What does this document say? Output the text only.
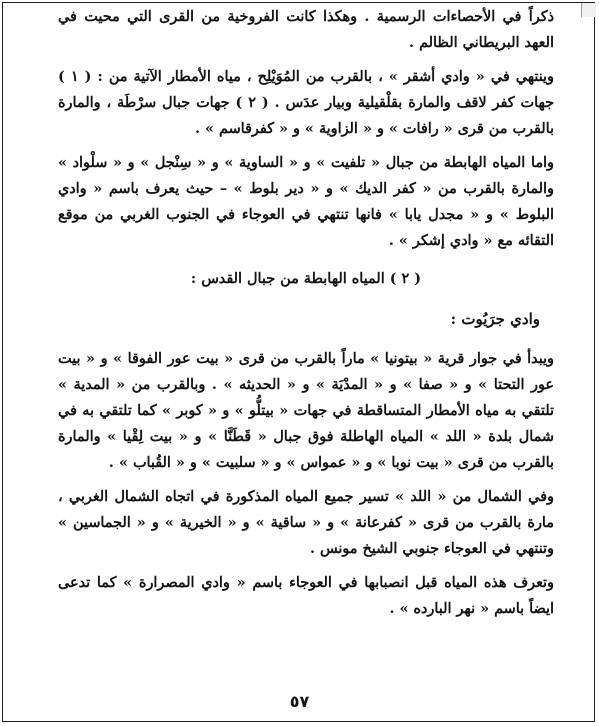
ذكراً في الأحصاءات الرسمية . وهكذا كانت الفروخية من القرى التي محيت في العهد البريطاني الظالم .

وينتهي في « وادي أشقر » ، بالقرب من المُوَيْلِح ، مياه الأمطار الآتية من : ( ١ ) جهات كفر لاقف والمارة بقلْقيلية وبيار عدَس . ( ٢ ) جهات جبال سرْطَة ، والمارة بالقرب من قرى « رافات » و « الزاوية » و « كفرقاسم » .

واما المياه الهابطة من جبال « تلفيت » و « الساوية » و « سِنْجل » و « سلْواد » والمارة بالقرب من « كفر الديك » و « دير بلوط » – حيث يعرف باسم « وادي البلوط » و « مجدل يابا » فانها تنتهي في العوجاء في الجنوب الغربي من موقع التقائه مع « وادي إشكر » .

( ٢ ) المياه الهابطة من جبال القدس :
وادي جرَيُوت :

ويبدأ في جوار قرية « بيتونيا » ماراً بالقرب من قرى « بيت عور الفوقا » و « بيت عور التحتا » و « صفا » و « المدْيَة » و « الحديثه » . وبالقرب من « المدية » تلتقي به مياه الأمطار المتساقطة في جهات « بيتلُّو » و « كوبر » كما تلتقي به في شمال بلدة « اللد » المياه الهاطلة فوق جبال « قَطَنَّا » و « بيت لِقْيا » والمارة بالقرب من قرى « بيت نوبا » و « عمواس » و « سلبيت » و « القُباب » .

وفي الشمال من « اللد » تسير جميع المياه المذكورة في اتجاه الشمال الغربي ، مارة بالقرب من قرى « كفرعانة » و « ساقية » و « الخيرية » و « الجماسين » وتنتهي في العوجاء جنوبي الشيخ مونس .

وتعرف هذه المياه قبل انصبابها في العوجاء باسم « وادي المصرارة » كما تدعى ايضاً باسم « نهر البارده » .

٥٧
